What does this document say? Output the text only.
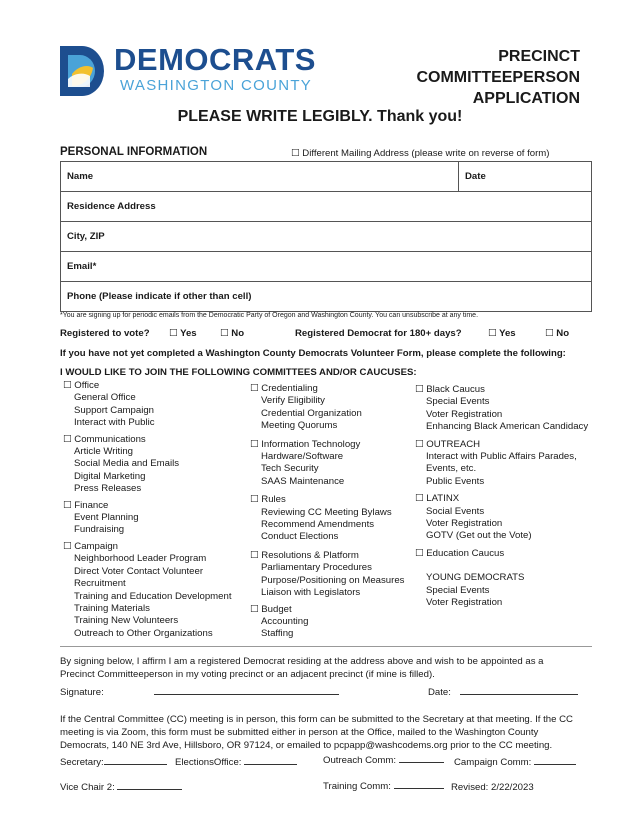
DEMOCRATS
WASHINGTON COUNTY
PRECINCT
COMMITTEEPERSON
APPLICATION
PLEASE WRITE LEGIBLY. Thank you!
PERSONAL INFORMATION	☐ Different Mailing Address (please write on reverse of form)
Name	Date
Residence Address
City, ZIP
Email*
Phone (Please indicate if other than cell)
*You are signing up for periodic emails from the Democratic Party of Oregon and Washington County. You can unsubscribe at any time.
Registered to vote? ☐ Yes ☐ No	Registered Democrat for 180+ days?	☐ Yes	☐ No
If you have not yet completed a Washington County Democrats Volunteer Form, please complete the following:
I WOULD LIKE TO JOIN THE FOLLOWING COMMITTEES AND/OR CAUCUSES:
☐ Office
General Office
Support Campaign
Interact with Public
☐ Communications
Article Writing
Social Media and Emails
Digital Marketing
Press Releases
☐ Finance
Event Planning
Fundraising
☐ Campaign
Neighborhood Leader Program
Direct Voter Contact Volunteer
Recruitment
Training and Education Development
Training Materials
Training New Volunteers
Outreach to Other Organizations
☐ Credentialing
Verify Eligibility
Credential Organization
Meeting Quorums
☐ Information Technology
Hardware/Software
Tech Security
SAAS Maintenance
☐ Rules
Reviewing CC Meeting Bylaws
Recommend Amendments
Conduct Elections
☐ Resolutions & Platform
Parliamentary Procedures
Purpose/Positioning on Measures
Liaison with Legislators
☐ Budget
Accounting
Staffing
☐ Black Caucus
Special Events
Voter Registration
Enhancing Black American Candidacy
☐ OUTREACH
Interact with Public Affairs Parades,
Events, etc.
Public Events
☐ LATINX
Social Events
Voter Registration
GOTV (Get out the Vote)
☐ Education Caucus
YOUNG DEMOCRATS
Special Events
Voter Registration
By signing below, I affirm I am a registered Democrat residing at the address above and wish to be appointed as a Precinct Committeeperson in my voting precinct or an adjacent precinct (if mine is filled).
Signature:	Date:
If the Central Committee (CC) meeting is in person, this form can be submitted to the Secretary at that meeting. If the CC meeting is via Zoom, this form must be submitted either in person at the Office, mailed to the Washington County Democrats, 140 NE 3rd Ave, Hillsboro, OR 97124, or emailed to pcpapp@washcodems.org prior to the CC meeting.
Secretary:	ElectionsOffice:	Outreach Comm:	Campaign Comm:
Vice Chair 2:	Training Comm:	Revised: 2/22/2023
